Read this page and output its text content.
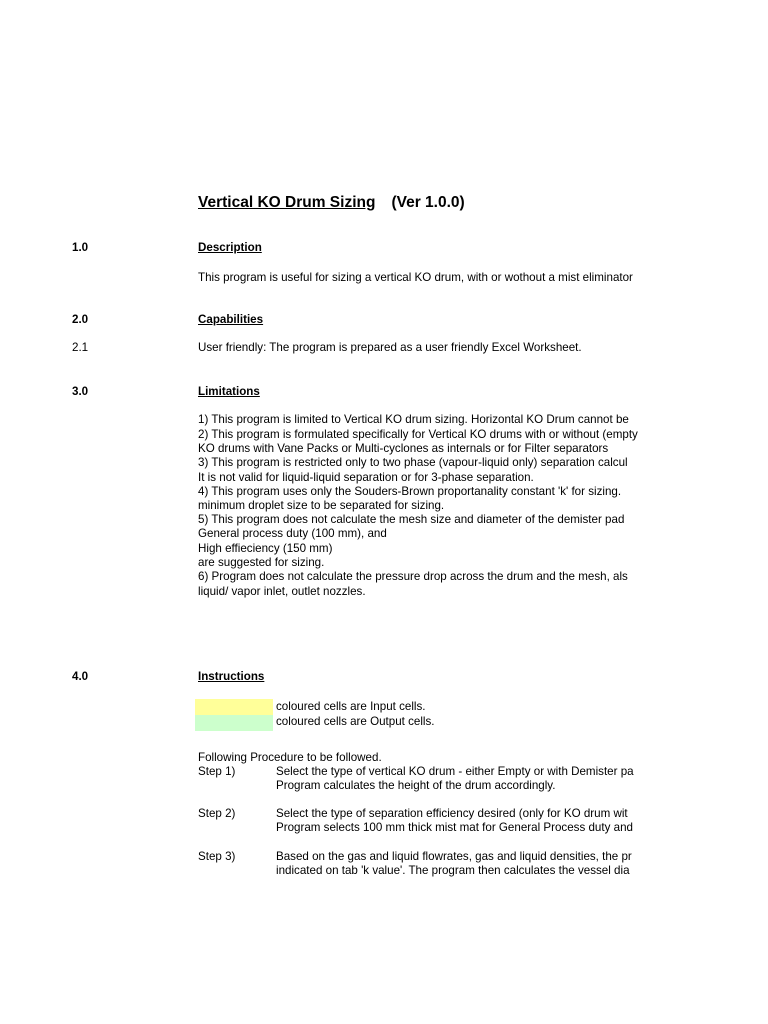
Vertical KO Drum Sizing (Ver 1.0.0)
1.0	Description
This program is useful for sizing a vertical KO drum, with or wothout a mist eliminator
2.0	Capabilities
2.1	User friendly: The program is prepared as a user friendly Excel Worksheet.
3.0	Limitations
1) This program is limited to Vertical KO drum sizing. Horizontal KO Drum cannot be
2) This program is formulated specifically for Vertical KO drums with or without (empty
KO drums with Vane Packs or Multi-cyclones as internals or for Filter separators
3) This program is restricted only to two phase (vapour-liquid only) separation calcul
It is not valid for liquid-liquid separation or for 3-phase separation.
4) This program uses only the Souders-Brown proportanality constant 'k' for sizing.
minimum droplet size to be separated for sizing.
5) This program does not calculate the mesh size and diameter of the demister pad
General process duty (100 mm), and
High effieciency (150 mm)
are suggested for sizing.
6) Program does not calculate the pressure drop across the drum and the mesh, als
liquid/ vapor inlet, outlet nozzles.
4.0	Instructions
coloured cells are Input cells.
coloured cells are Output cells.
Following Procedure to be followed.
Step 1)	Select the type of vertical KO drum - either Empty or with Demister pa
Program calculates the height of the drum accordingly.
Step 2)	Select the type of separation efficiency desired (only for KO drum wit
Program selects 100 mm thick mist mat for General Process duty and
Step 3)	Based on the gas and liquid flowrates, gas and liquid densities, the pr
indicated on tab 'k value'. The program then calculates the vessel dia
